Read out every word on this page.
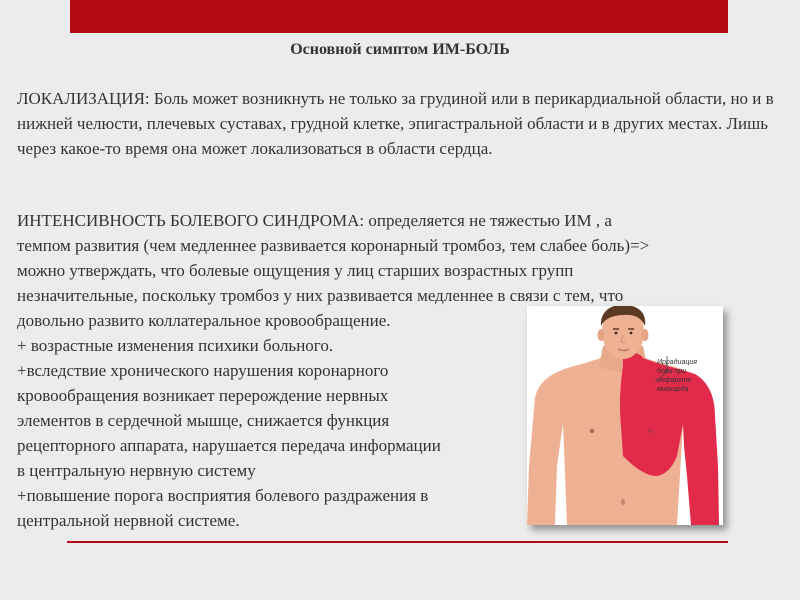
Основной симптом ИМ-БОЛЬ

ЛОКАЛИЗАЦИЯ: Боль может возникнуть не только за грудиной или в перикардиальной области, но и в нижней челюсти, плечевых суставах, грудной клетке, эпигастральной области и в других местах. Лишь через какое-то время она может локализоваться в области сердца.

ИНТЕНСИВНОСТЬ БОЛЕВОГО СИНДРОМА: определяется не тяжестью ИМ , а
темпом развития (чем медленнее развивается коронарный тромбоз, тем слабее боль)=>
можно утверждать, что болевые ощущения у лиц старших возрастных групп
незначительные, поскольку тромбоз у них развивается медленнее в связи с тем, что
довольно развито коллатеральное кровообращение.
+ возрастные изменения психики больного.
+вследствие хронического нарушения коронарного
кровообращения возникает перерождение нервных
элементов в сердечной мышце, снижается функция
рецепторного аппарата, нарушается передача информации
в центральную нервную систему
+повышение порога восприятия болевого раздражения в
центральной нервной системе.

Иррадиация боли при инфаркте миокарда
